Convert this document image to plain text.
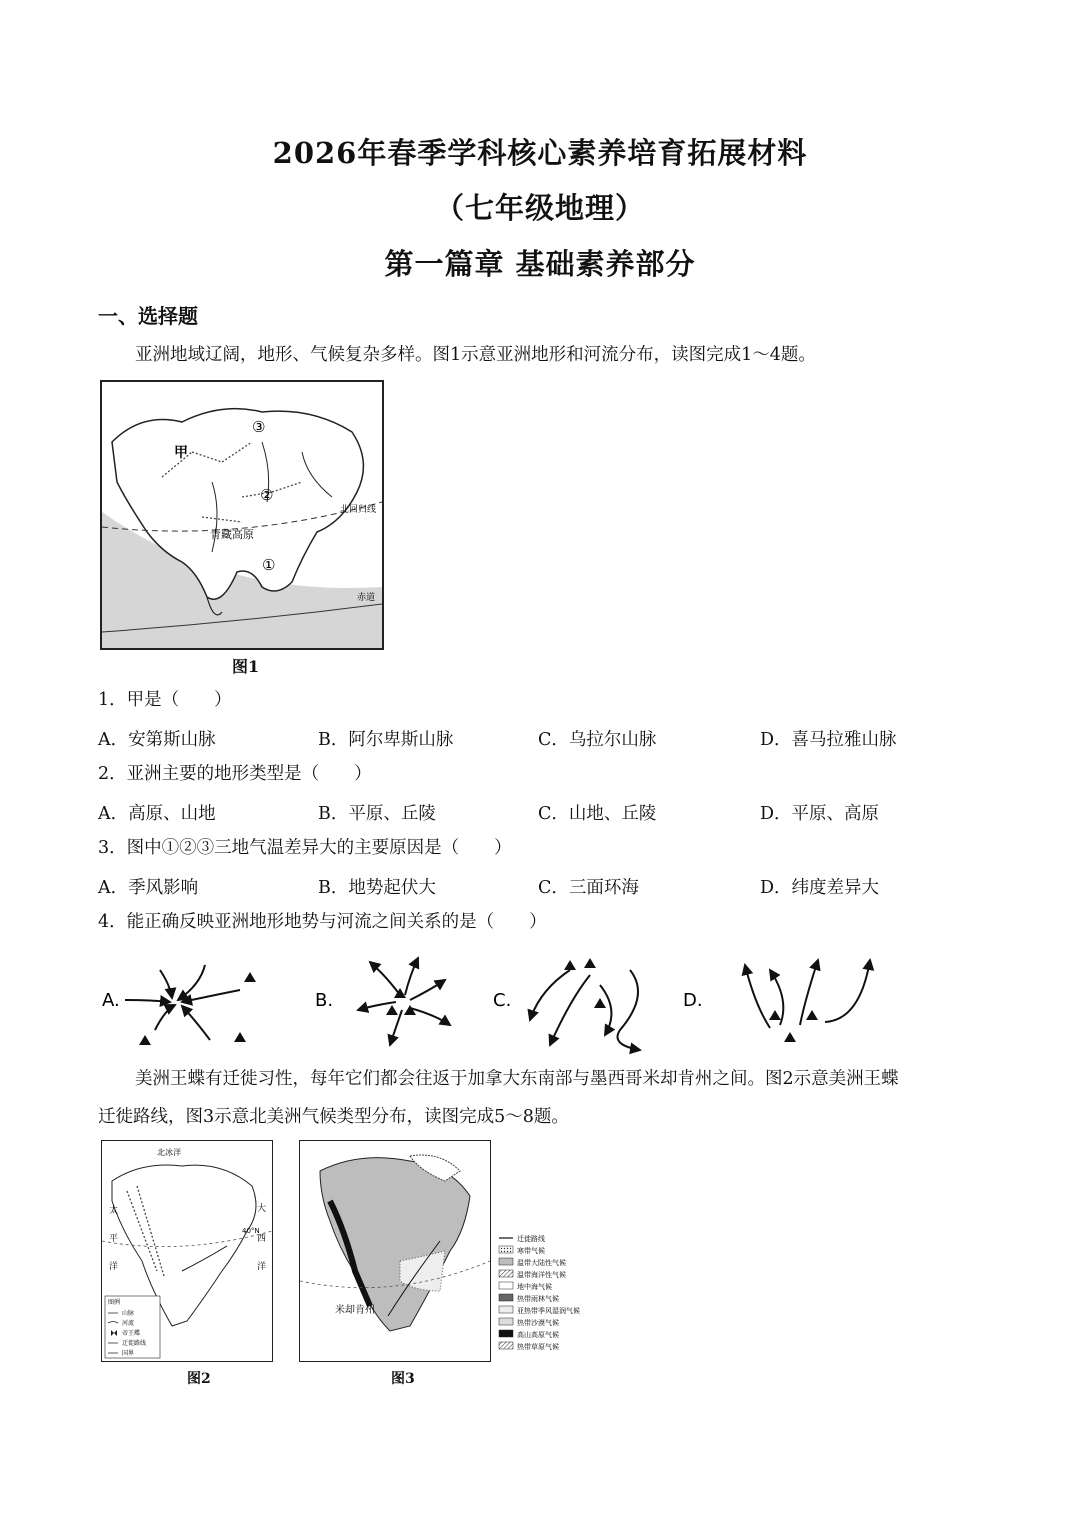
2026年春季学科核心素养培育拓展材料
（七年级地理）
第一篇章 基础素养部分
一、选择题
亚洲地域辽阔，地形、气候复杂多样。图1示意亚洲地形和河流分布，读图完成1～4题。
甲
青藏高原
北回归线
赤道
①
②
③
图1
1．甲是（　　）
A．安第斯山脉	B．阿尔卑斯山脉	C．乌拉尔山脉	D．喜马拉雅山脉
2．亚洲主要的地形类型是（　　）
A．高原、山地	B．平原、丘陵	C．山地、丘陵	D．平原、高原
3．图中①②③三地气温差异大的主要原因是（　　）
A．季风影响	B．地势起伏大	C．三面环海	D．纬度差异大
4．能正确反映亚洲地形地势与河流之间关系的是（　　）
A.	B.	C.	D.
美洲王蝶有迁徙习性，每年它们都会往返于加拿大东南部与墨西哥米却肯州之间。图2示意美洲王蝶
迁徙路线，图3示意北美洲气候类型分布，读图完成5～8题。
北冰洋
太
平
洋
大
西
洋
40°N
图例
山脉
河流
帝王蝶
迁徙路线
国界
图2
米却肯州
图3
迁徙路线
寒带气候
温带大陆性气候
温带海洋性气候
地中海气候
热带雨林气候
亚热带季风湿润气候
热带沙漠气候
高山高原气候
热带草原气候
